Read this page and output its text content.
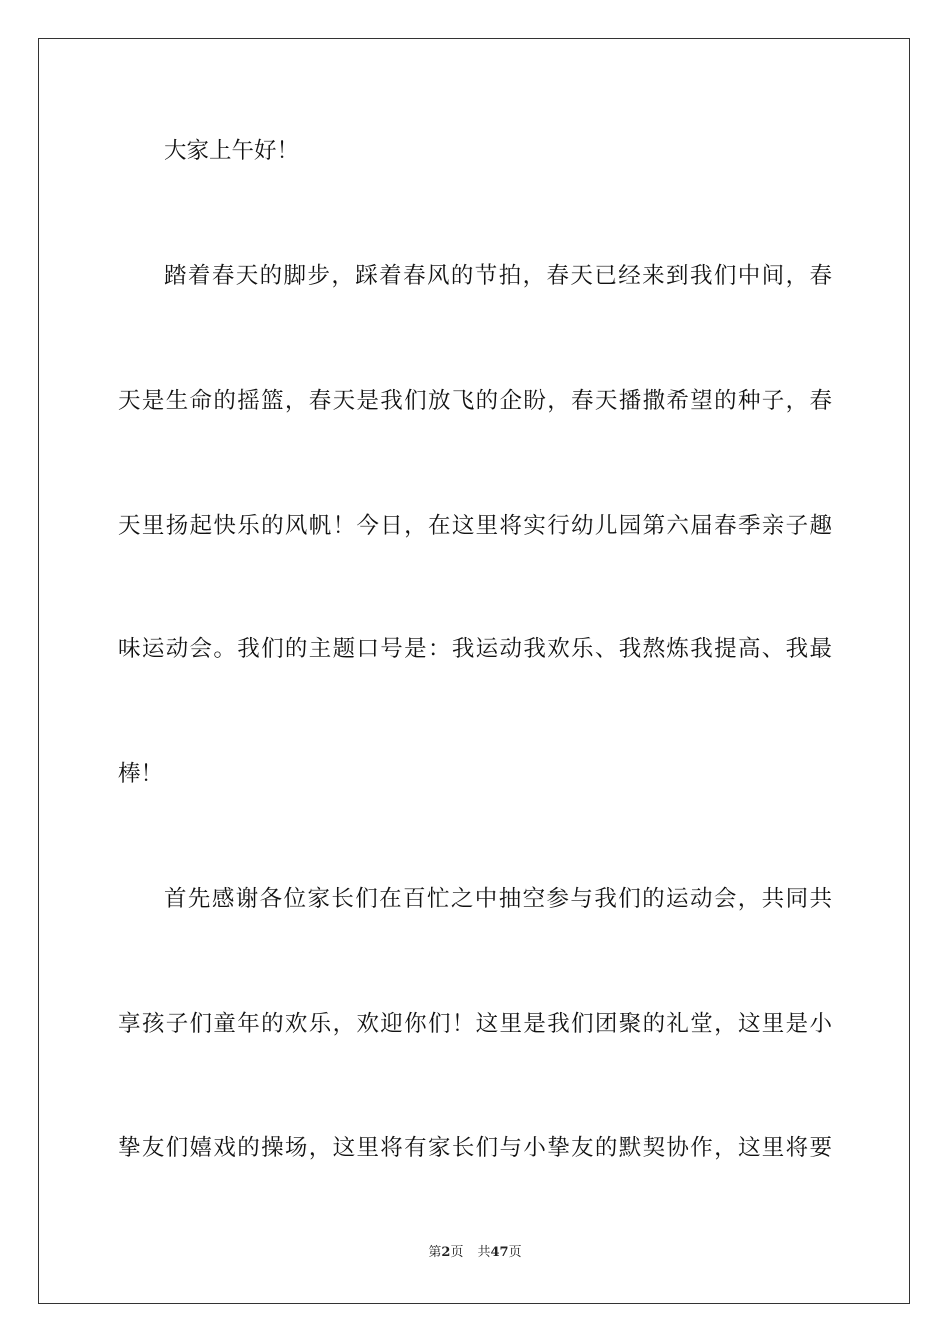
大家上午好！
踏着春天的脚步，踩着春风的节拍，春天已经来到我们中间，春
天是生命的摇篮，春天是我们放飞的企盼，春天播撒希望的种子，春
天里扬起快乐的风帆！今日，在这里将实行幼儿园第六届春季亲子趣
味运动会。我们的主题口号是：我运动我欢乐、我熬炼我提高、我最
棒！
首先感谢各位家长们在百忙之中抽空参与我们的运动会，共同共
享孩子们童年的欢乐，欢迎你们！这里是我们团聚的礼堂，这里是小
挚友们嬉戏的操场，这里将有家长们与小挚友的默契协作，这里将要
第2页 共47页
